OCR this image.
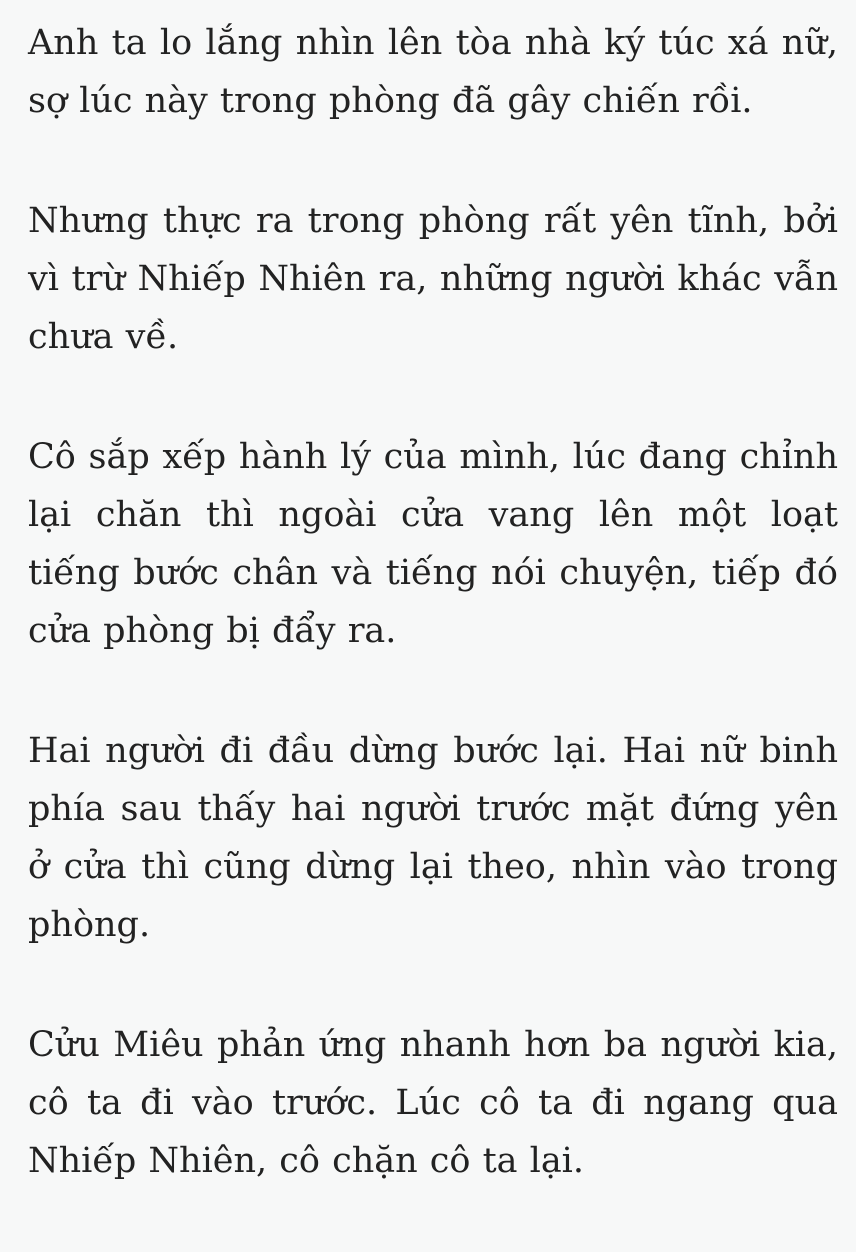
Anh ta lo lắng nhìn lên tòa nhà ký túc xá nữ, sợ lúc này trong phòng đã gây chiến rồi.

Nhưng thực ra trong phòng rất yên tĩnh, bởi vì trừ Nhiếp Nhiên ra, những người khác vẫn chưa về.

Cô sắp xếp hành lý của mình, lúc đang chỉnh lại chăn thì ngoài cửa vang lên một loạt tiếng bước chân và tiếng nói chuyện, tiếp đó cửa phòng bị đẩy ra.

Hai người đi đầu dừng bước lại. Hai nữ binh phía sau thấy hai người trước mặt đứng yên ở cửa thì cũng dừng lại theo, nhìn vào trong phòng.

Cửu Miêu phản ứng nhanh hơn ba người kia, cô ta đi vào trước. Lúc cô ta đi ngang qua Nhiếp Nhiên, cô chặn cô ta lại.
